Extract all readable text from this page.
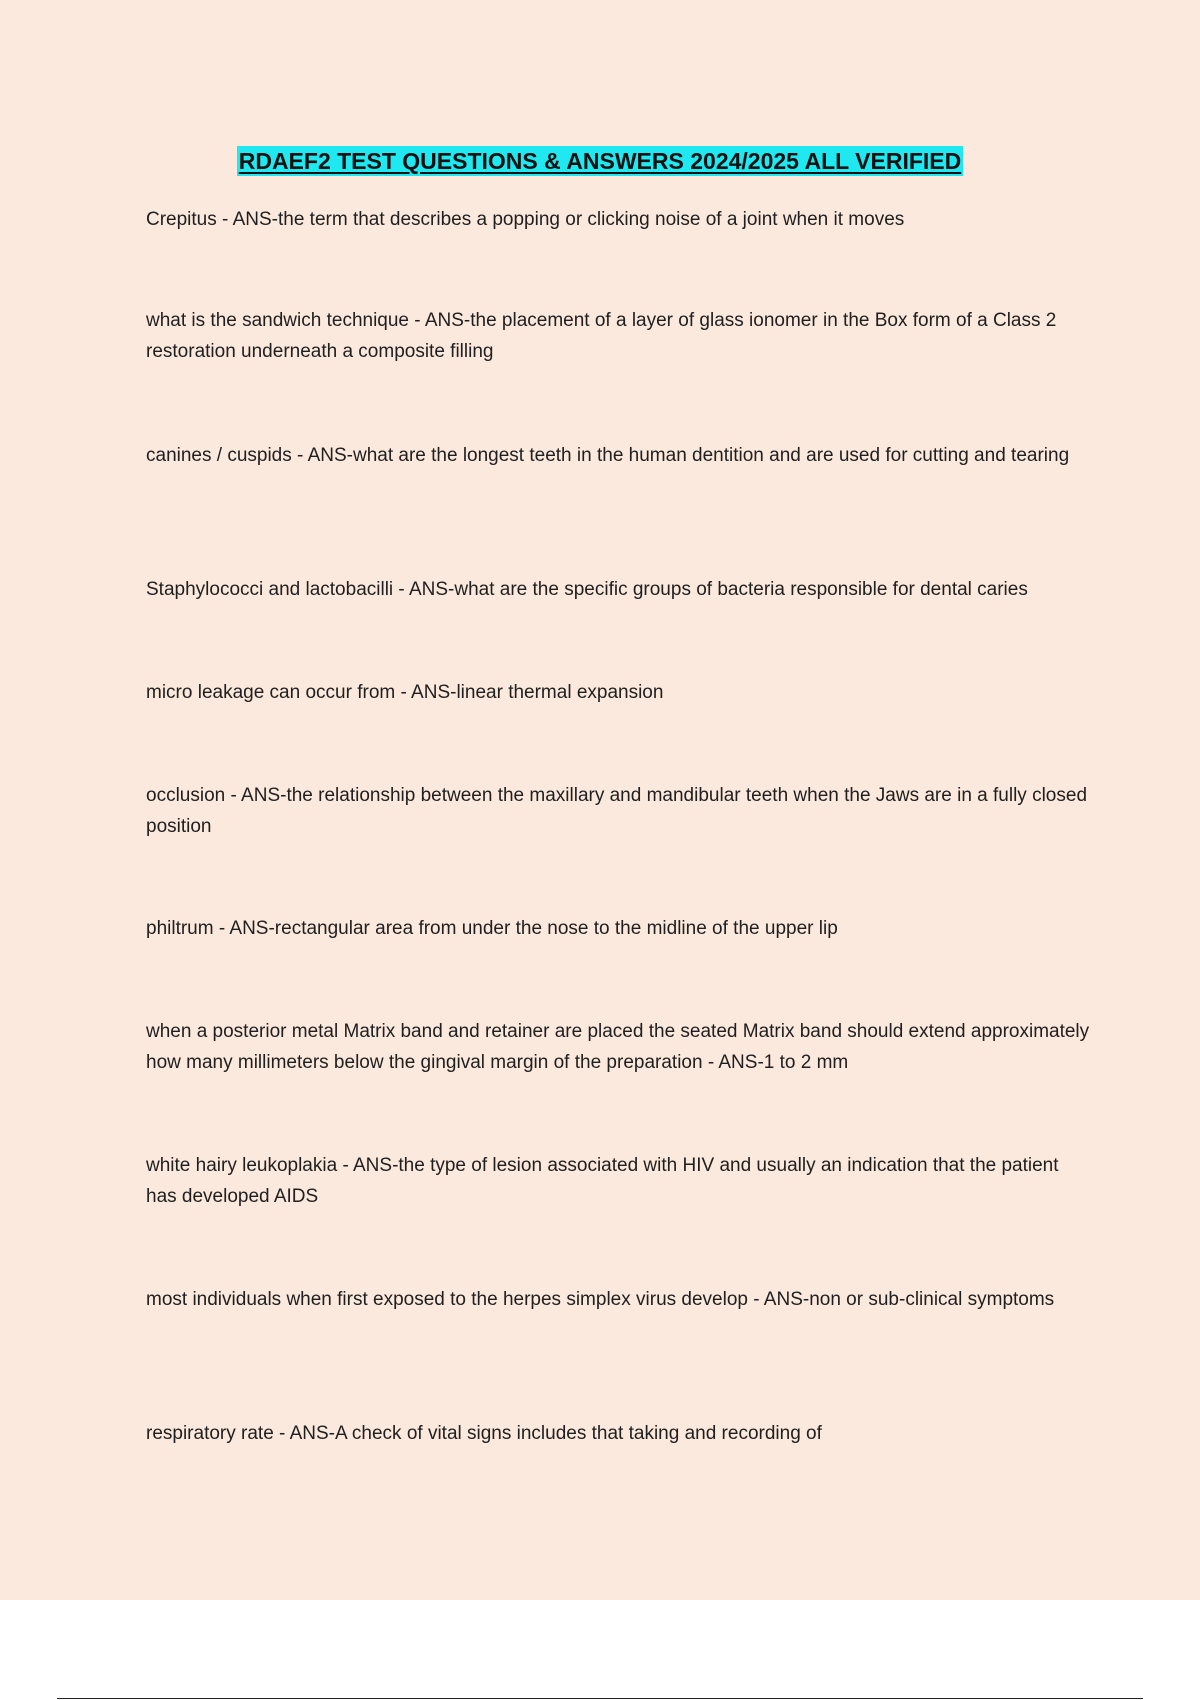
RDAEF2 TEST QUESTIONS & ANSWERS 2024/2025 ALL VERIFIED

Crepitus - ANS-the term that describes a popping or clicking noise of a joint when it moves

what is the sandwich technique - ANS-the placement of a layer of glass ionomer in the Box form of a Class 2 restoration underneath a composite filling

canines / cuspids - ANS-what are the longest teeth in the human dentition and are used for cutting and tearing

Staphylococci and lactobacilli - ANS-what are the specific groups of bacteria responsible for dental caries

micro leakage can occur from - ANS-linear thermal expansion

occlusion - ANS-the relationship between the maxillary and mandibular teeth when the Jaws are in a fully closed position

philtrum - ANS-rectangular area from under the nose to the midline of the upper lip

when a posterior metal Matrix band and retainer are placed the seated Matrix band should extend approximately how many millimeters below the gingival margin of the preparation - ANS-1 to 2 mm

white hairy leukoplakia - ANS-the type of lesion associated with HIV and usually an indication that the patient has developed AIDS

most individuals when first exposed to the herpes simplex virus develop - ANS-non or sub-clinical symptoms

respiratory rate - ANS-A check of vital signs includes that taking and recording of
